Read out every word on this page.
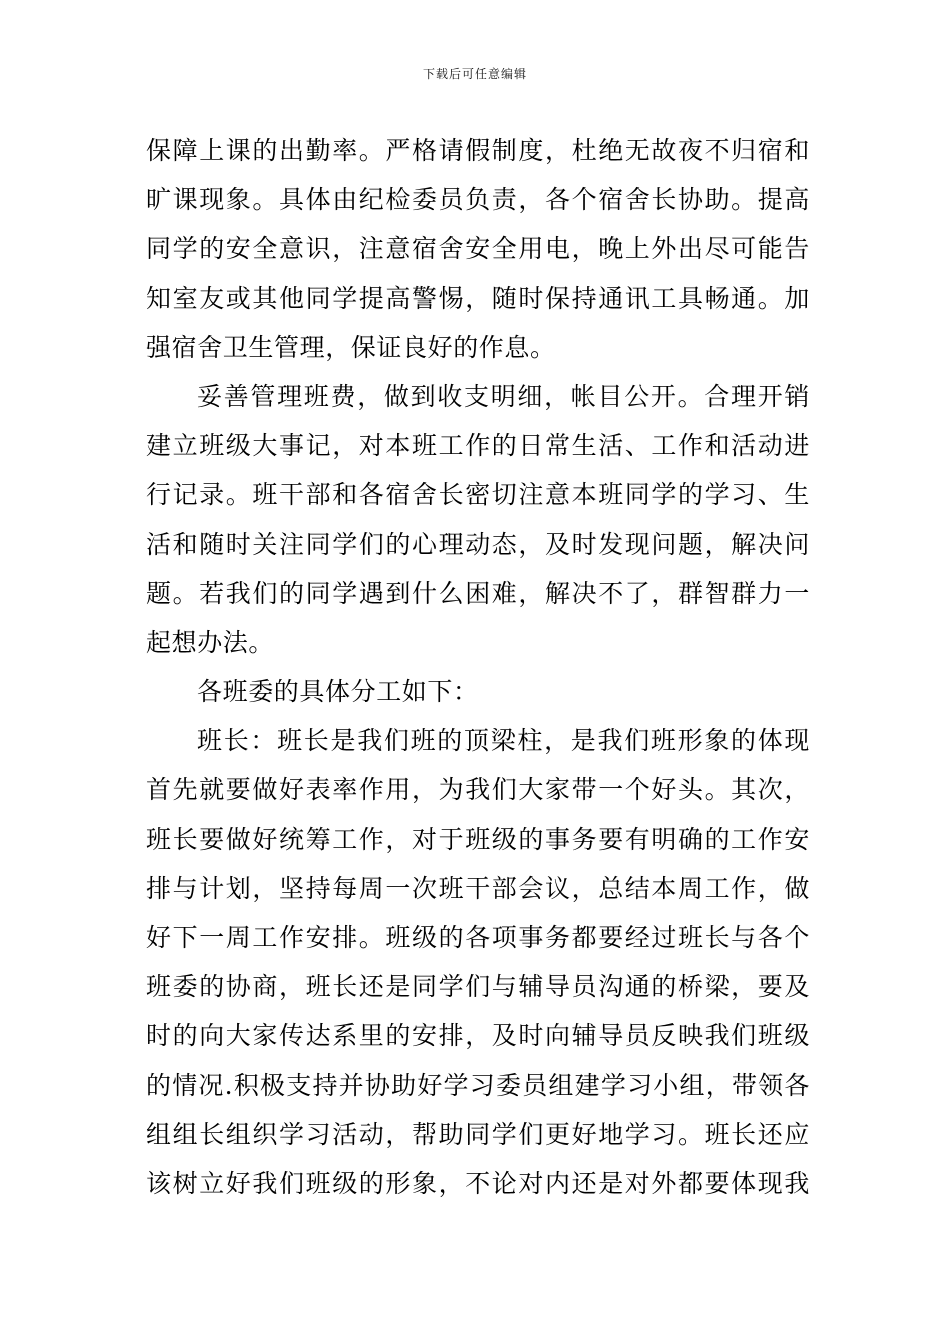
下载后可任意编辑
保障上课的出勤率。严格请假制度，杜绝无故夜不归宿和
旷课现象。具体由纪检委员负责，各个宿舍长协助。提高
同学的安全意识，注意宿舍安全用电，晚上外出尽可能告
知室友或其他同学提高警惕，随时保持通讯工具畅通。加
强宿舍卫生管理，保证良好的作息。
妥善管理班费，做到收支明细，帐目公开。合理开销
建立班级大事记，对本班工作的日常生活、工作和活动进
行记录。班干部和各宿舍长密切注意本班同学的学习、生
活和随时关注同学们的心理动态，及时发现问题，解决问
题。若我们的同学遇到什么困难，解决不了，群智群力一
起想办法。
各班委的具体分工如下：
班长：班长是我们班的顶梁柱，是我们班形象的体现
首先就要做好表率作用，为我们大家带一个好头。其次，
班长要做好统筹工作，对于班级的事务要有明确的工作安
排与计划，坚持每周一次班干部会议，总结本周工作，做
好下一周工作安排。班级的各项事务都要经过班长与各个
班委的协商，班长还是同学们与辅导员沟通的桥梁，要及
时的向大家传达系里的安排，及时向辅导员反映我们班级
的情况.积极支持并协助好学习委员组建学习小组，带领各
组组长组织学习活动，帮助同学们更好地学习。班长还应
该树立好我们班级的形象，不论对内还是对外都要体现我
